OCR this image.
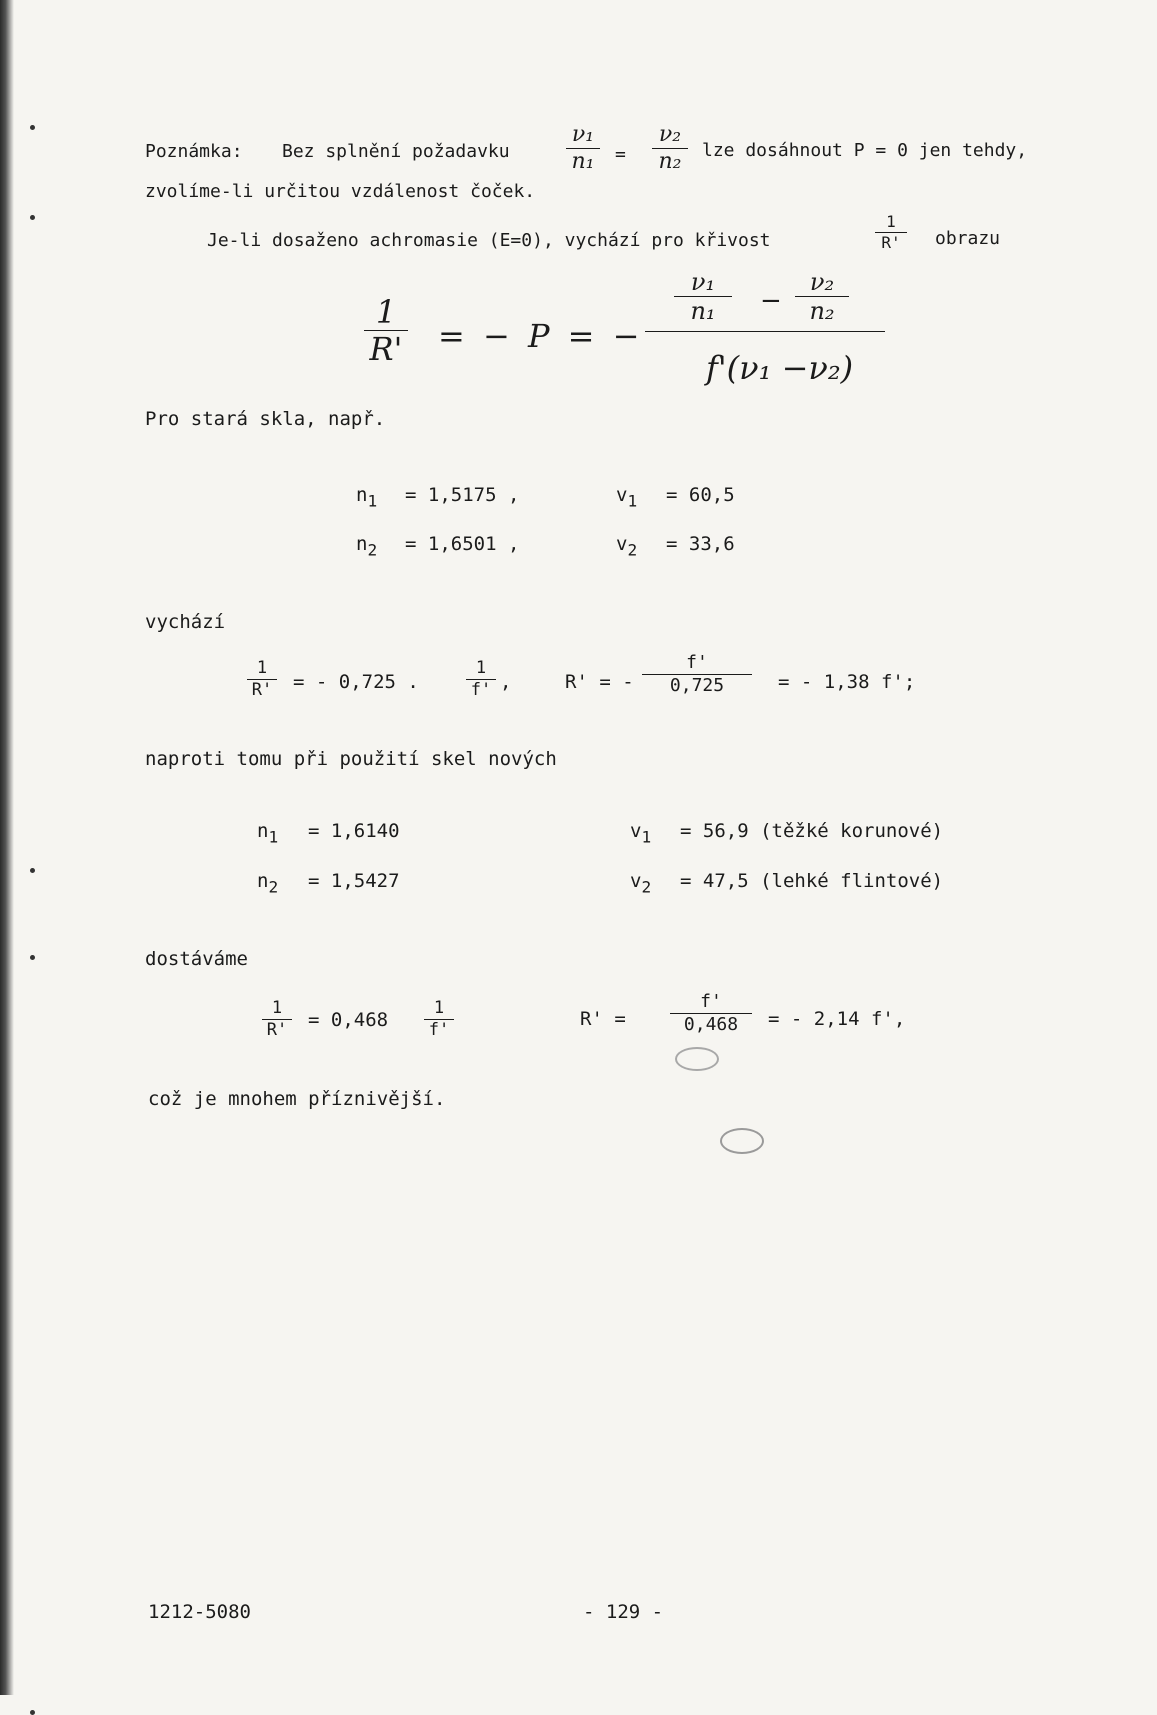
Poznámka: Bez splnění požadavku
ν₁
n₁	=
ν₂
n₂	lze dosáhnout P = 0 jen tehdy,
zvolíme-li určitou vzdálenost čoček.
Je-li dosaženo achromasie (E=0), vychází pro křivost
1
R'	obrazu
1
R' = − P = −
ν₁
n₁	−
ν₂
n₂
f'(ν₁ −ν₂)
Pro stará skla, např.
$n_1 = 1,5175$ ,	$v_1 = 60,5$
$n_2 = 1,6501$ ,	$v_2 = 33,6$
vychází
1
R' = - 0,725 .
1
f' ,	R' = -
f'
0,725	= - 1,38 f';
naproti tomu při použití skel nových
$n_1 = 1,6140$	$v_1 = 56,9$ (těžké korunové)
$n_2 = 1,5427$	$v_2 = 47,5$ (lehké flintové)
dostáváme
1
R' = 0,468
1
f'	R' =
f'
0,468	= - 2,14 f',
což je mnohem příznivější.
1212-5080	- 129 -
